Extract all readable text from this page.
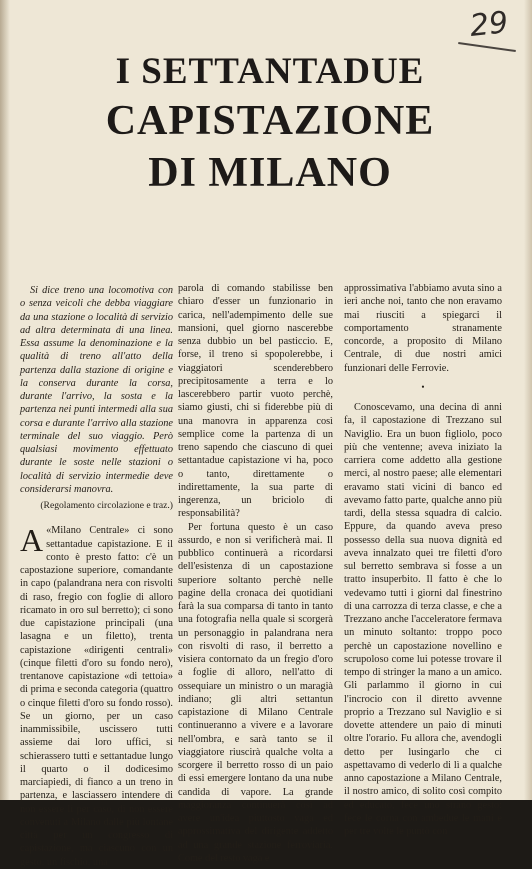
29
I SETTANTADUE
CAPISTAZIONE
DI MILANO

Si dice treno una locomotiva con o senza veicoli che debba viaggiare da una stazione o località di servizio ad altra determinata di una linea. Essa assume la denominazione e la qualità di treno all'atto della partenza dalla stazione di origine e la conserva durante la corsa, durante l'arrivo, la sosta e la partenza nei punti intermedi alla sua corsa e durante l'arrivo alla stazione terminale del suo viaggio. Però qualsiasi movimento effettuato durante le soste nelle stazioni o località di servizio intermedie deve considerarsi manovra.

(Regolamento circolazione e traz.)

A «Milano Centrale» ci sono settantadue capistazione. E il conto è presto fatto: c'è un capostazione superiore, comandante in capo (palandrana nera con risvolti di raso, fregio con foglie di alloro ricamato in oro sul berretto); ci sono due capistazione principali (una lasagna e un filetto), trenta capistazione «dirigenti centrali» (cinque filetti d'oro su fondo nero), trentanove capistazione «di tettoia» di prima e seconda categoria (quattro o cinque filetti d'oro su fondo rosso). Se un giorno, per un caso inammissibile, uscissero tutti assieme dai loro uffici, si schierassero tutti e settantadue lungo il quarto o il dodicesimo marciapiedi, di fianco a un treno in partenza, e lasciassero intendere di non essere lì per caso, di non essere convenuti a Milano dalle più lontane città per un congresso di capistazione, ma ciascuno con un gesto, un fischio, una

parola di comando stabilisse ben chiaro d'esser un funzionario in carica, nell'adempimento delle sue mansioni, quel giorno nascerebbe senza dubbio un bel pasticcio. E, forse, il treno si spopolerebbe, i viaggiatori scenderebbero precipitosamente a terra e lo lascerebbero partir vuoto perchè, siamo giusti, chi si fiderebbe più di una manovra in apparenza così semplice come la partenza di un treno sapendo che ciascuno di quei settantadue capistazione vi ha, poco o tanto, direttamente o indirettamente, la sua parte di ingerenza, un briciolo di responsabilità?

Per fortuna questo è un caso assurdo, e non si verificherà mai. Il pubblico continuerà a ricordarsi dell'esistenza di un capostazione superiore soltanto perchè nelle pagine della cronaca dei quotidiani farà la sua comparsa di tanto in tanto una fotografia nella quale si scorgerà un personaggio in palandrana nera con risvolti di raso, il berretto a visiera contornato da un fregio d'oro a foglie di alloro, nell'atto di ossequiare un ministro o un maragià indiano; gli altri settantun capistazione di Milano Centrale continueranno a vivere e a lavorare nell'ombra, e sarà tanto se il viaggiatore riuscirà qualche volta a scorgere il berretto rosso di un paio di essi emergere lontano da una nube candida di vapore. La grande maggioranza continuerà così ad avere un'idea piuttosto vaga ed approssimativa del dirigente addetto ad una grande stazione ferroviaria. Come del resto vaga e

approssimativa l'abbiamo avuta sino a ieri anche noi, tanto che non eravamo mai riusciti a spiegarci il comportamento stranamente concorde, a proposito di Milano Centrale, di due nostri amici funzionari delle Ferrovie.

•

Conoscevamo, una decina di anni fa, il capostazione di Trezzano sul Naviglio. Era un buon figliolo, poco più che ventenne; aveva iniziato la carriera come addetto alla gestione merci, al nostro paese; alle elementari eravamo stati vicini di banco ed avevamo fatto parte, qualche anno più tardi, della stessa squadra di calcio. Eppure, da quando aveva preso possesso della sua nuova dignità ed aveva innalzato quei tre filetti d'oro sul berretto sembrava si fosse a un tratto insuperbito. Il fatto è che lo vedevamo tutti i giorni dal finestrino di una carrozza di terza classe, e che a Trezzano anche l'acceleratore fermava un minuto soltanto: troppo poco perchè un capostazione novellino e scrupoloso come lui potesse trovare il tempo di stringer la mano a un amico. Gli parlammo il giorno in cui l'incrocio con il diretto avvenne proprio a Trezzano sul Naviglio e si dovette attendere un paio di minuti oltre l'orario. Fu allora che, avendogli detto per lusingarlo che ci aspettavamo di vederlo di lì a qualche anno capostazione a Milano Centrale, il nostro amico, di solito così compito ed educato, fece uno strano gesto: fece le corna con ambedue le mani e per tre volte le puntò con
